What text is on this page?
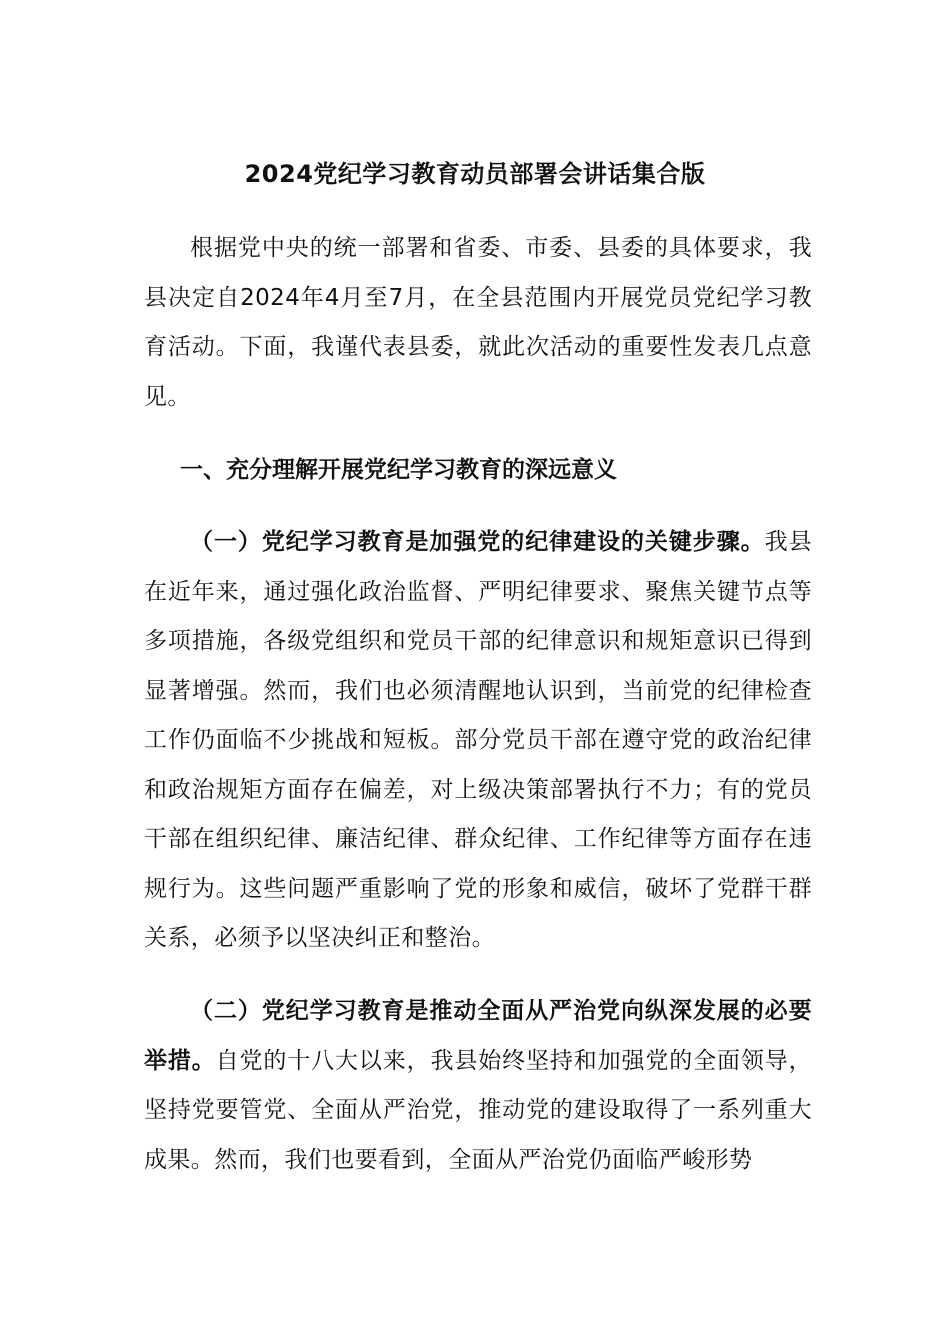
2024党纪学习教育动员部署会讲话集合版

根据党中央的统一部署和省委、市委、县委的具体要求，我县决定自2024年4月至7月，在全县范围内开展党员党纪学习教育活动。下面，我谨代表县委，就此次活动的重要性发表几点意见。

一、充分理解开展党纪学习教育的深远意义

（一）党纪学习教育是加强党的纪律建设的关键步骤。我县在近年来，通过强化政治监督、严明纪律要求、聚焦关键节点等多项措施，各级党组织和党员干部的纪律意识和规矩意识已得到显著增强。然而，我们也必须清醒地认识到，当前党的纪律检查工作仍面临不少挑战和短板。部分党员干部在遵守党的政治纪律和政治规矩方面存在偏差，对上级决策部署执行不力；有的党员干部在组织纪律、廉洁纪律、群众纪律、工作纪律等方面存在违规行为。这些问题严重影响了党的形象和威信，破坏了党群干群关系，必须予以坚决纠正和整治。

（二）党纪学习教育是推动全面从严治党向纵深发展的必要举措。自党的十八大以来，我县始终坚持和加强党的全面领导，坚持党要管党、全面从严治党，推动党的建设取得了一系列重大成果。然而，我们也要看到，全面从严治党仍面临严峻形势
